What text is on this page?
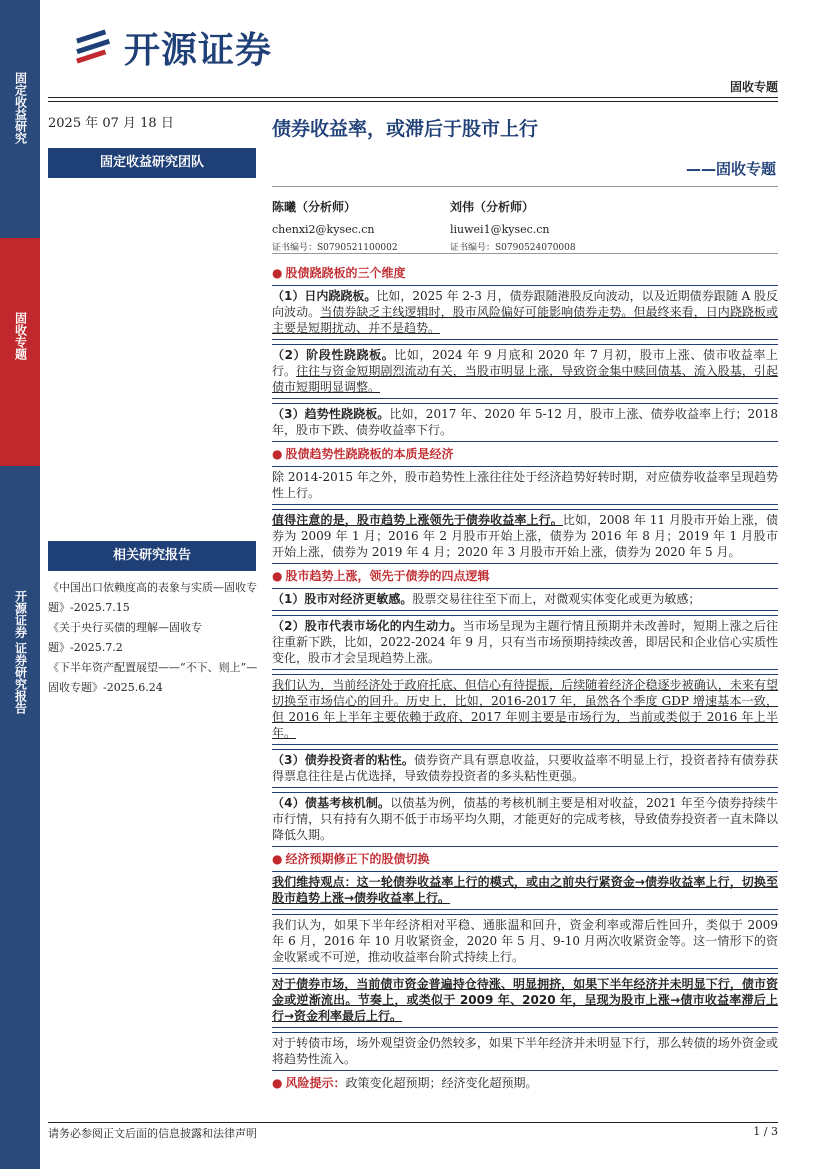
固定收益研究
固收专题
开源证券 证券研究报告
开源证券
固收专题
2025 年 07 月 18 日	债券收益率，或滞后于股市上行
固定收益研究团队	——固收专题
陈曦（分析师）
chenxi2@kysec.cn
证书编号：S0790521100002
刘伟（分析师）
liuwei1@kysec.cn
证书编号：S0790524070008
● 股债跷跷板的三个维度
（1）日内跷跷板。比如，2025 年 2-3 月，债券跟随港股反向波动，以及近期债券跟随 A 股反向波动。当债券缺乏主线逻辑时，股市风险偏好可能影响债券走势。但最终来看，日内跷跷板或主要是短期扰动、并不是趋势。
（2）阶段性跷跷板。比如，2024 年 9 月底和 2020 年 7 月初，股市上涨、债市收益率上行。往往与资金短期剧烈流动有关，当股市明显上涨，导致资金集中赎回债基、流入股基，引起债市短期明显调整。
（3）趋势性跷跷板。比如，2017 年、2020 年 5-12 月，股市上涨、债券收益率上行；2018 年，股市下跌、债券收益率下行。
● 股债趋势性跷跷板的本质是经济
除 2014-2015 年之外，股市趋势性上涨往往处于经济趋势好转时期，对应债券收益率呈现趋势性上行。
值得注意的是，股市趋势上涨领先于债券收益率上行。比如，2008 年 11 月股市开始上涨，债券为 2009 年 1 月；2016 年 2 月股市开始上涨，债券为 2016 年 8 月；2019 年 1 月股市开始上涨，债券为 2019 年 4 月；2020 年 3 月股市开始上涨，债券为 2020 年 5 月。
● 股市趋势上涨，领先于债券的四点逻辑
（1）股市对经济更敏感。股票交易往往至下而上，对微观实体变化或更为敏感；
（2）股市代表市场化的内生动力。当市场呈现为主题行情且预期并未改善时，短期上涨之后往往重新下跌，比如，2022-2024 年 9 月，只有当市场预期持续改善，即居民和企业信心实质性变化，股市才会呈现趋势上涨。
我们认为，当前经济处于政府托底、但信心有待提振，后续随着经济企稳逐步被确认，未来有望切换至市场信心的回升。历史上，比如，2016-2017 年，虽然各个季度 GDP 增速基本一致，但 2016 年上半年主要依赖于政府、2017 年则主要是市场行为，当前或类似于 2016 年上半年。
（3）债券投资者的粘性。债券资产具有票息收益，只要收益率不明显上行，投资者持有债券获得票息往往是占优选择，导致债券投资者的多头粘性更强。
（4）债基考核机制。以债基为例，债基的考核机制主要是相对收益，2021 年至今债券持续牛市行情，只有持有久期不低于市场平均久期，才能更好的完成考核，导致债券投资者一直未降以降低久期。
● 经济预期修正下的股债切换
我们维持观点：这一轮债券收益率上行的模式，或由之前央行紧资金→债券收益率上行，切换至股市趋势上涨→债券收益率上行。
我们认为，如果下半年经济相对平稳、通胀温和回升，资金利率或滞后性回升，类似于 2009 年 6 月，2016 年 10 月收紧资金，2020 年 5 月、9-10 月两次收紧资金等。这一情形下的资金收紧或不可逆，推动收益率台阶式持续上行。
对于债券市场，当前债市资金普遍持仓待涨、明显拥挤，如果下半年经济并未明显下行，债市资金或逆渐流出。节奏上，或类似于 2009 年、2020 年，呈现为股市上涨→债市收益率滞后上行→资金利率最后上行。
对于转债市场，场外观望资金仍然较多，如果下半年经济并未明显下行，那么转债的场外资金或将趋势性流入。
● 风险提示：政策变化超预期；经济变化超预期。
相关研究报告
《中国出口依赖度高的表象与实质—固收专题》-2025.7.15
《关于央行买债的理解—固收专题》-2025.7.2
《下半年资产配置展望——“不下、则上”—固收专题》-2025.6.24
请务必参阅正文后面的信息披露和法律声明	1 / 3
